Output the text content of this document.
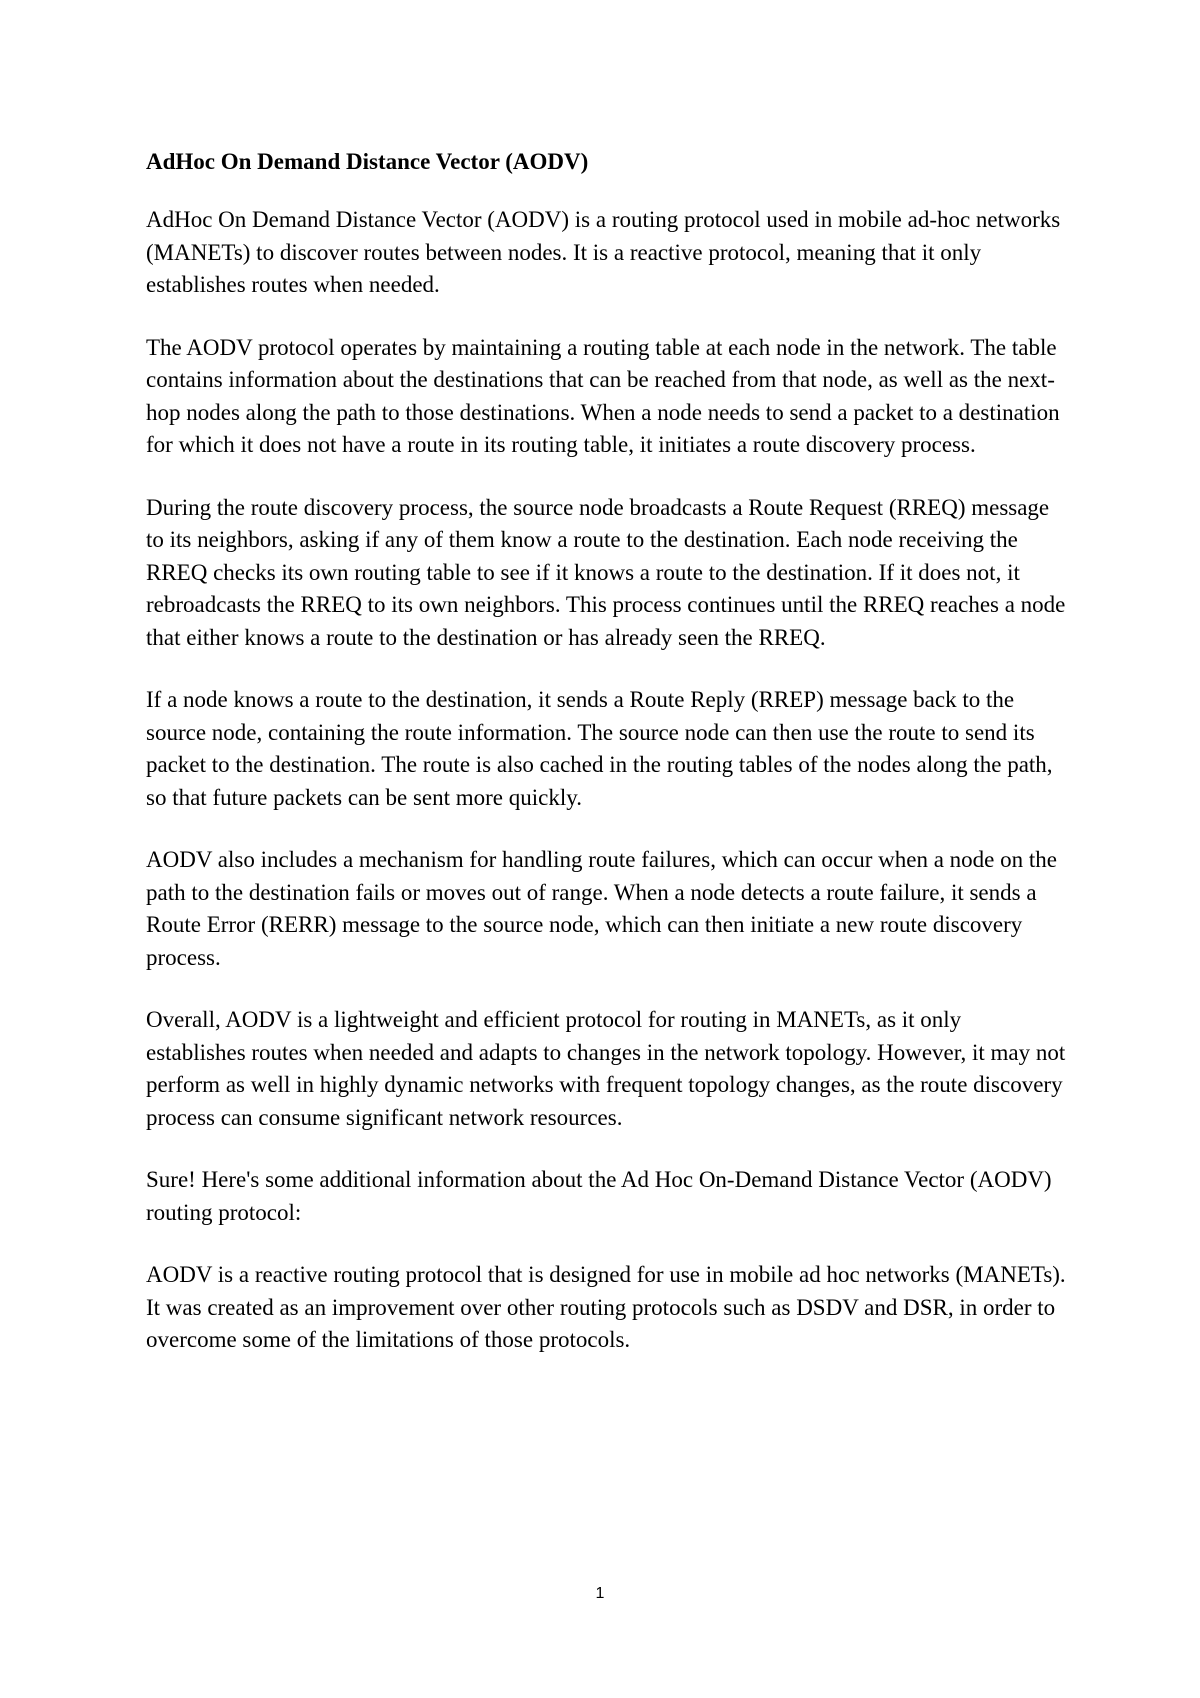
AdHoc On Demand Distance Vector (AODV)

AdHoc On Demand Distance Vector (AODV) is a routing protocol used in mobile ad-hoc networks (MANETs) to discover routes between nodes. It is a reactive protocol, meaning that it only establishes routes when needed.

The AODV protocol operates by maintaining a routing table at each node in the network. The table contains information about the destinations that can be reached from that node, as well as the next-hop nodes along the path to those destinations. When a node needs to send a packet to a destination for which it does not have a route in its routing table, it initiates a route discovery process.

During the route discovery process, the source node broadcasts a Route Request (RREQ) message to its neighbors, asking if any of them know a route to the destination. Each node receiving the RREQ checks its own routing table to see if it knows a route to the destination. If it does not, it rebroadcasts the RREQ to its own neighbors. This process continues until the RREQ reaches a node that either knows a route to the destination or has already seen the RREQ.

If a node knows a route to the destination, it sends a Route Reply (RREP) message back to the source node, containing the route information. The source node can then use the route to send its packet to the destination. The route is also cached in the routing tables of the nodes along the path, so that future packets can be sent more quickly.

AODV also includes a mechanism for handling route failures, which can occur when a node on the path to the destination fails or moves out of range. When a node detects a route failure, it sends a Route Error (RERR) message to the source node, which can then initiate a new route discovery process.

Overall, AODV is a lightweight and efficient protocol for routing in MANETs, as it only establishes routes when needed and adapts to changes in the network topology. However, it may not perform as well in highly dynamic networks with frequent topology changes, as the route discovery process can consume significant network resources.

Sure! Here's some additional information about the Ad Hoc On-Demand Distance Vector (AODV) routing protocol:

AODV is a reactive routing protocol that is designed for use in mobile ad hoc networks (MANETs). It was created as an improvement over other routing protocols such as DSDV and DSR, in order to overcome some of the limitations of those protocols.

1
